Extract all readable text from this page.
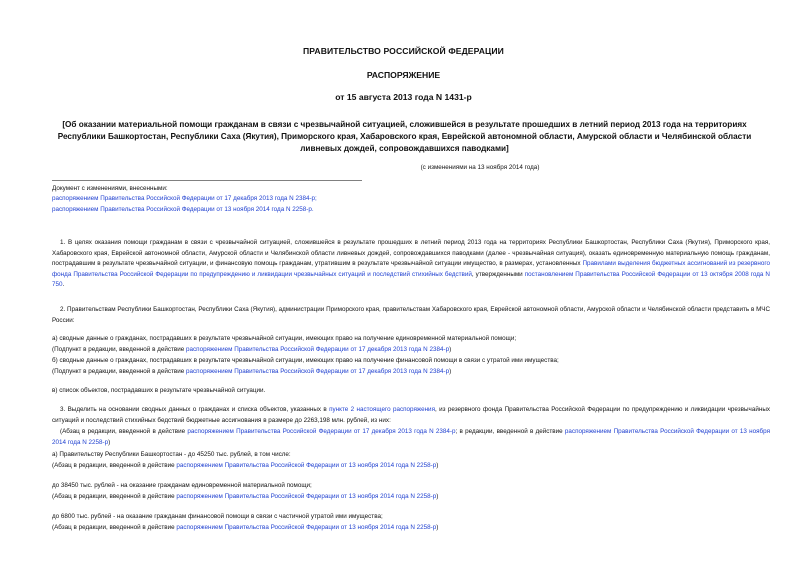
ПРАВИТЕЛЬСТВО РОССИЙСКОЙ ФЕДЕРАЦИИ
РАСПОРЯЖЕНИЕ
от 15 августа 2013 года N 1431-р
[Об оказании материальной помощи гражданам в связи с чрезвычайной ситуацией, сложившейся в результате прошедших в летний период 2013 года на территориях Республики Башкортостан, Республики Саха (Якутия), Приморского края, Хабаровского края, Еврейской автономной области, Амурской области и Челябинской области ливневых дождей, сопровождавшихся паводками]
(с изменениями на 13 ноября 2014 года)
Документ с изменениями, внесенными:
распоряжением Правительства Российской Федерации от 17 декабря 2013 года N 2384-р;
распоряжением Правительства Российской Федерации от 13 ноября 2014 года N 2258-р.
1. В целях оказания помощи гражданам в связи с чрезвычайной ситуацией, сложившейся в результате прошедших в летний период 2013 года на территориях Республики Башкортостан, Республики Саха (Якутия), Приморского края, Хабаровского края, Еврейской автономной области, Амурской области и Челябинской области ливневых дождей, сопровождавшихся паводками (далее - чрезвычайная ситуация), оказать единовременную материальную помощь гражданам, пострадавшим в результате чрезвычайной ситуации, и финансовую помощь гражданам, утратившим в результате чрезвычайной ситуации имущество, в размерах, установленных Правилами выделения бюджетных ассигнований из резервного фонда Правительства Российской Федерации по предупреждению и ликвидации чрезвычайных ситуаций и последствий стихийных бедствий, утвержденными постановлением Правительства Российской Федерации от 13 октября 2008 года N 750.
2. Правительствам Республики Башкортостан, Республики Саха (Якутия), администрации Приморского края, правительствам Хабаровского края, Еврейской автономной области, Амурской области и Челябинской области представить в МЧС России:
а) сводные данные о гражданах, пострадавших в результате чрезвычайной ситуации, имеющих право на получение единовременной материальной помощи;
(Подпункт в редакции, введенной в действие распоряжением Правительства Российской Федерации от 17 декабря 2013 года N 2384-р)
б) сводные данные о гражданах, пострадавших в результате чрезвычайной ситуации, имеющих право на получение финансовой помощи в связи с утратой ими имущества;
(Подпункт в редакции, введенной в действие распоряжением Правительства Российской Федерации от 17 декабря 2013 года N 2384-р)
в) список объектов, пострадавших в результате чрезвычайной ситуации.
3. Выделить на основании сводных данных о гражданах и списка объектов, указанных в пункте 2 настоящего распоряжения, из резервного фонда Правительства Российской Федерации по предупреждению и ликвидации чрезвычайных ситуаций и последствий стихийных бедствий бюджетные ассигнования в размере до 2263,198 млн. рублей, из них:
(Абзац в редакции, введенной в действие распоряжением Правительства Российской Федерации от 17 декабря 2013 года N 2384-р; в редакции, введенной в действие распоряжением Правительства Российской Федерации от 13 ноября 2014 года N 2258-р)
а) Правительству Республики Башкортостан - до 45250 тыс. рублей, в том числе:
(Абзац в редакции, введенной в действие распоряжением Правительства Российской Федерации от 13 ноября 2014 года N 2258-р)
до 38450 тыс. рублей - на оказание гражданам единовременной материальной помощи;
(Абзац в редакции, введенной в действие распоряжением Правительства Российской Федерации от 13 ноября 2014 года N 2258-р)
до 6800 тыс. рублей - на оказание гражданам финансовой помощи в связи с частичной утратой ими имущества;
(Абзац в редакции, введенной в действие распоряжением Правительства Российской Федерации от 13 ноября 2014 года N 2258-р)
